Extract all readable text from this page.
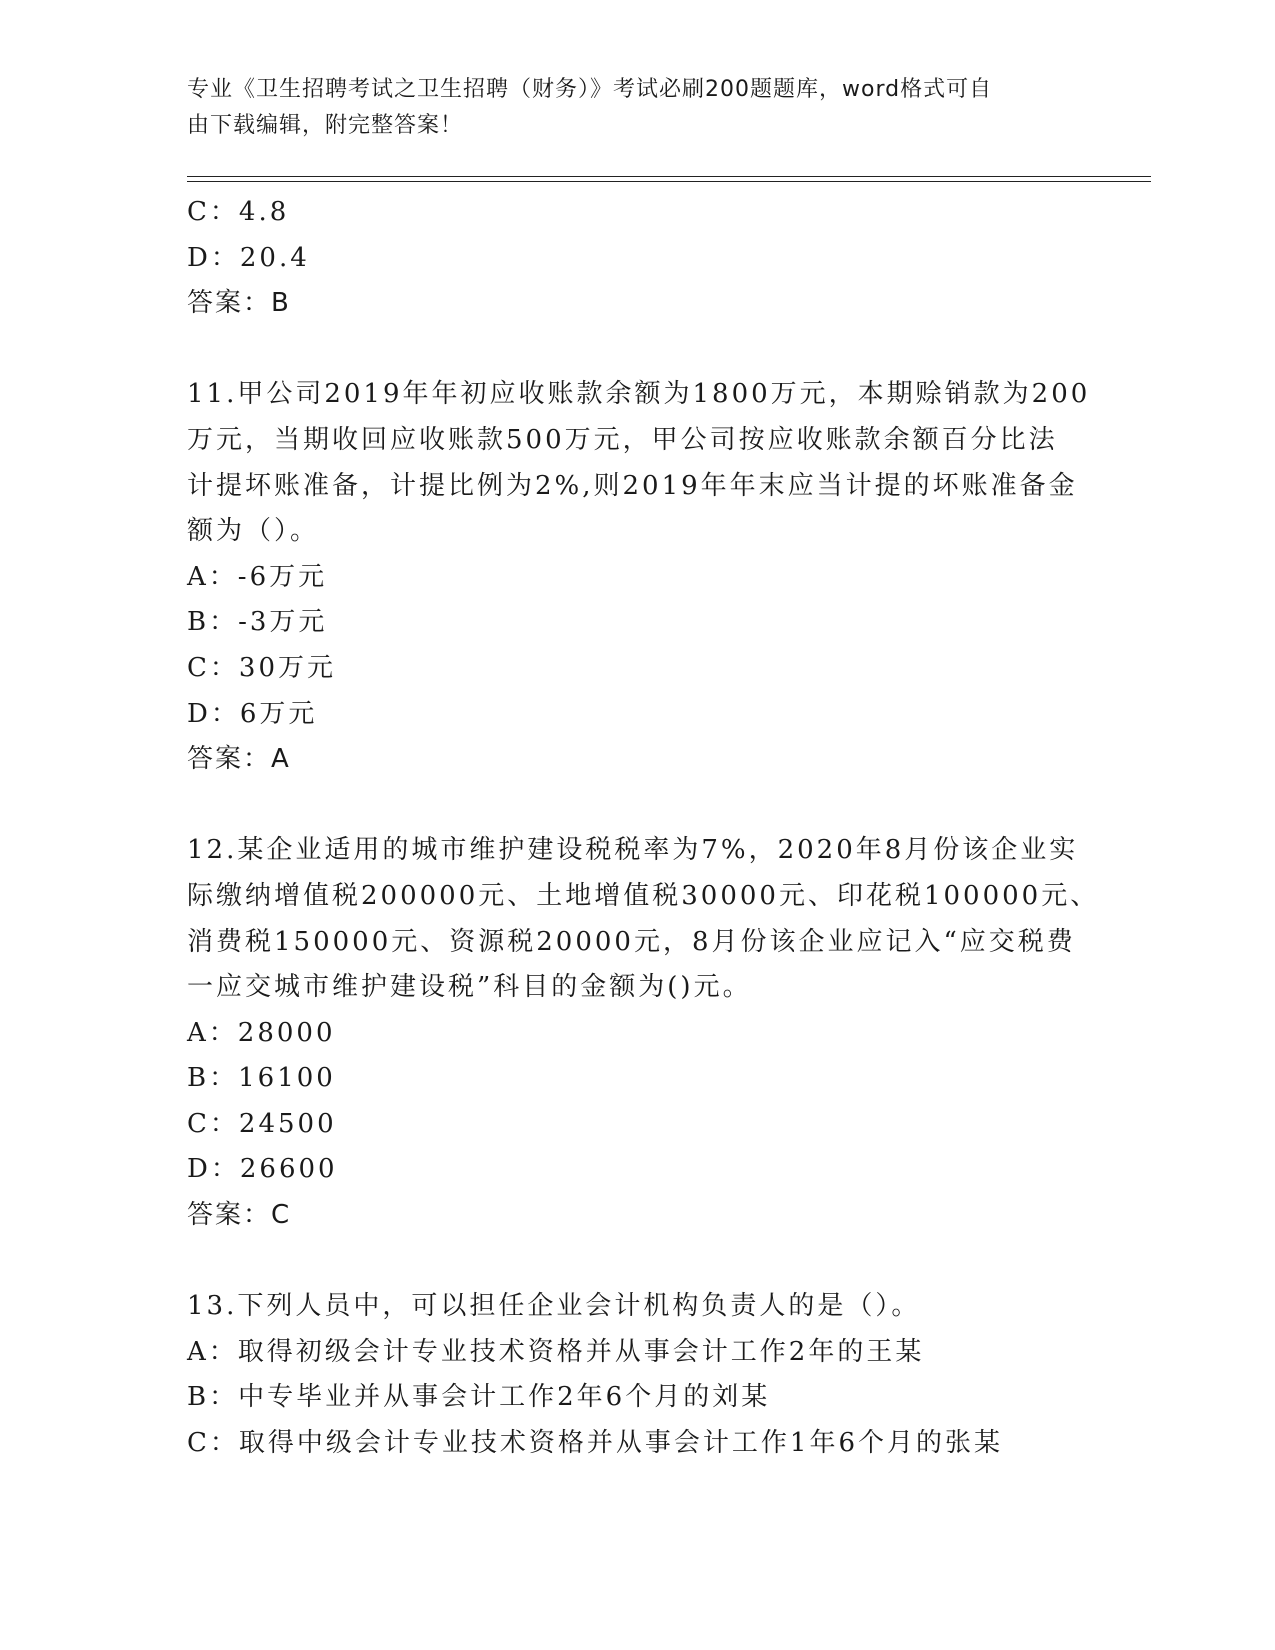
专业《卫生招聘考试之卫生招聘（财务）》考试必刷200题题库，word格式可自
由下载编辑，附完整答案！
C：4.8
D：20.4
答案：B
11.甲公司2019年年初应收账款余额为1800万元，本期赊销款为200
万元，当期收回应收账款500万元，甲公司按应收账款余额百分比法
计提坏账准备，计提比例为2%,则2019年年末应当计提的坏账准备金
额为（）。
A：-6万元
B：-3万元
C：30万元
D：6万元
答案：A
12.某企业适用的城市维护建设税税率为7%，2020年8月份该企业实
际缴纳增值税200000元、土地增值税30000元、印花税100000元、
消费税150000元、资源税20000元，8月份该企业应记入“应交税费
一应交城市维护建设税”科目的金额为()元。
A：28000
B：16100
C：24500
D：26600
答案：C
13.下列人员中，可以担任企业会计机构负责人的是（）。
A：取得初级会计专业技术资格并从事会计工作2年的王某
B：中专毕业并从事会计工作2年6个月的刘某
C：取得中级会计专业技术资格并从事会计工作1年6个月的张某
